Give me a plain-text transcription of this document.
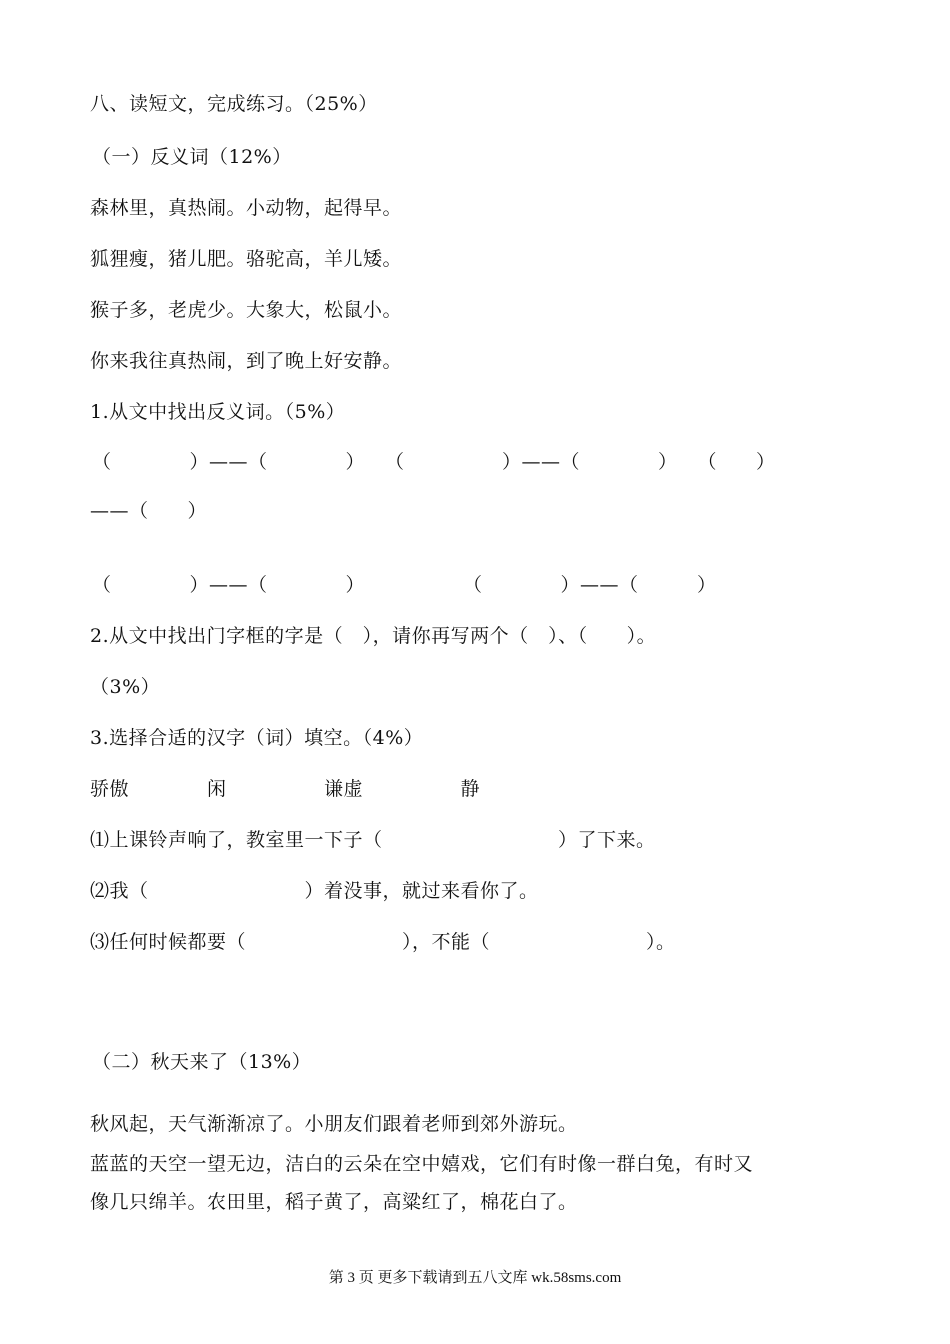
八、读短文，完成练习。（25%）
（一）反义词（12%）
森林里，真热闹。小动物，起得早。
狐狸瘦，猪儿肥。骆驼高，羊儿矮。
猴子多，老虎少。大象大，松鼠小。
你来我往真热闹，到了晚上好安静。
1.从文中找出反义词。（5%）
（　　　　）——（　　　　）　　（　　　　　）——（　　　　）　　（　　）
——（　　）
（　　　　）——（　　　　）　　　　　　（　　　　）——（　　　）
2.从文中找出门字框的字是（　），请你再写两个（　）、（　　）。
（3%）
3.选择合适的汉字（词）填空。（4%）
骄傲　　　　闲　　　　　谦虚　　　　　静
⑴上课铃声响了，教室里一下子（　　　　　　　　　）了下来。
⑵我（　　　　　　　　）着没事，就过来看你了。
⑶任何时候都要（　　　　　　　　），不能（　　　　　　　　）。
（二）秋天来了（13%）
秋风起，天气渐渐凉了。小朋友们跟着老师到郊外游玩。
蓝蓝的天空一望无边，洁白的云朵在空中嬉戏，它们有时像一群白兔，有时又
像几只绵羊。农田里，稻子黄了，高粱红了，棉花白了。
第 3 页 更多下载请到五八文库 wk.58sms.com
